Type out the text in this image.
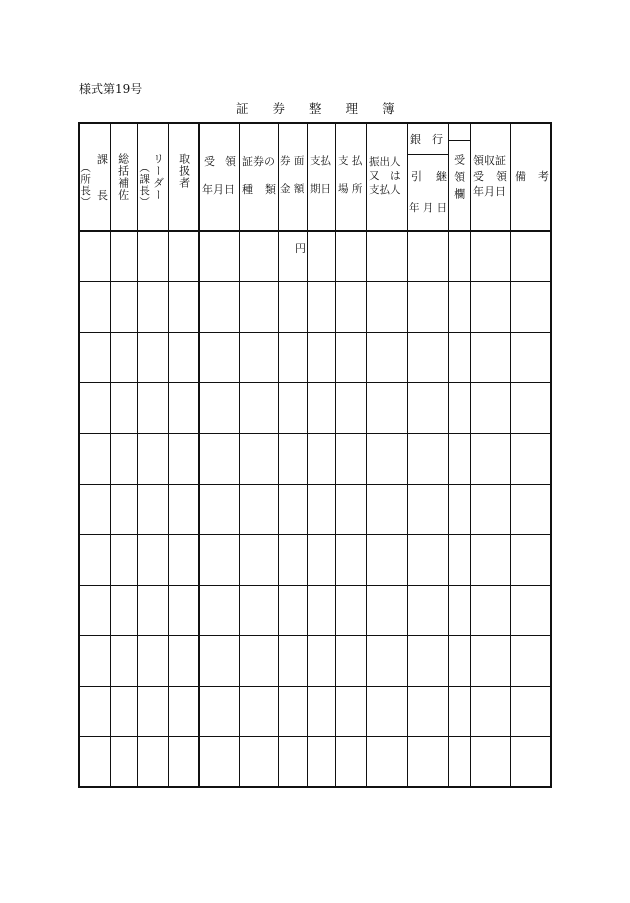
様式第19号
証 券 整 理 簿
課
（所長） 長 総括補佐 リーダー
（課長）	取扱者 受 領
年月日
証券の
種 類
券 面
金 額
支払
期日
支 払
場 所
振出人
又　は
支払人
銀 行
引 継
年 月 日
受領欄 領収証
受 領
年月日
備 考
円
